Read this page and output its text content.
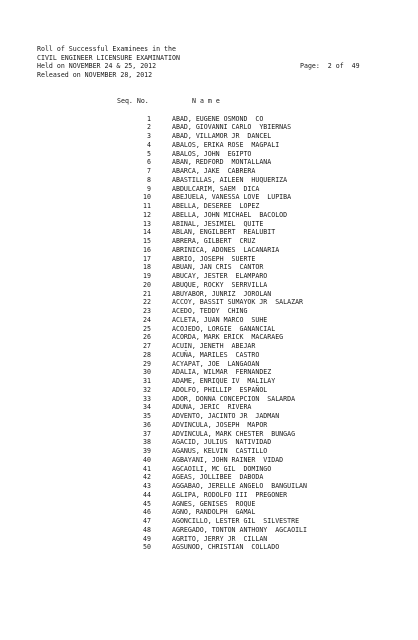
Roll of Successful Examinees in the
CIVIL ENGINEER LICENSURE EXAMINATION
Held on NOVEMBER 24 & 25, 2012	Page:  2 of  49
Released on NOVEMBER 28, 2012
Seq. No.	N a m e
1	ABAD, EUGENE OSMOND  CO
2	ABAD, GIOVANNI CARLO  YBIERNAS
3	ABAD, VILLAMOR JR  DANCEL
4	ABALOS, ERIKA ROSE  MAGPALI
5	ABALOS, JOHN  EGIPTO
6	ABAN, REDFORD  MONTALLANA
7	ABARCA, JAKE  CABRERA
8	ABASTILLAS, AILEEN  HUQUERIZA
9	ABDULCARIM, SAEM  DICA
10	ABEJUELA, VANESSA LOVE  LUPIBA
11	ABELLA, DESEREE  LOPEZ
12	ABELLA, JOHN MICHAEL  BACOLOD
13	ABINAL, JESIMIEL  QUITE
14	ABLAN, ENGILBERT  REALUBIT
15	ABRERA, GILBERT  CRUZ
16	ABRINICA, ADONES  LACANARIA
17	ABRIO, JOSEPH  SUERTE
18	ABUAN, JAN CRIS  CANTOR
19	ABUCAY, JESTER  ELAMPARO
20	ABUQUE, ROCKY  SERRVILLA
21	ABUYABOR, JUNRIZ  JOROLAN
22	ACCOY, BASSIT SUMAYOK JR  SALAZAR
23	ACEDO, TEDDY  CHING
24	ACLETA, JUAN MARCO  SUHE
25	ACOJEDO, LORGIE  GANANCIAL
26	ACORDA, MARK ERICK  MACARAEG
27	ACUIN, JENETH  ABEJAR
28	ACUÑA, MARILES  CASTRO
29	ACYAPAT, JOE  LANGAOAN
30	ADALIA, WILMAR  FERNANDEZ
31	ADAME, ENRIQUE IV  MALILAY
32	ADOLFO, PHILLIP  ESPAÑOL
33	ADOR, DONNA CONCEPCION  SALARDA
34	ADUNA, JERIC  RIVERA
35	ADVENTO, JACINTO JR  JADMAN
36	ADVINCULA, JOSEPH  MAPOR
37	ADVINCULA, MARK CHESTER  BUNGAG
38	AGACID, JULIUS  NATIVIDAD
39	AGANUS, KELVIN  CASTILLO
40	AGBAYANI, JOHN RAINER  VIDAD
41	AGCAOILI, MC GIL  DOMINGO
42	AGEAS, JOLLIBEE  DABODA
43	AGGABAO, JERELLE ANGELO  BANGUILAN
44	AGLIPA, RODOLFO III  PREGONER
45	AGNES, GENISES  ROQUE
46	AGNO, RANDOLPH  GAMAL
47	AGONCILLO, LESTER GIL  SILVESTRE
48	AGREGADO, TONTON ANTHONY  AGCAOILI
49	AGRITO, JERRY JR  CILLAN
50	AGSUNOD, CHRISTIAN  COLLADO
